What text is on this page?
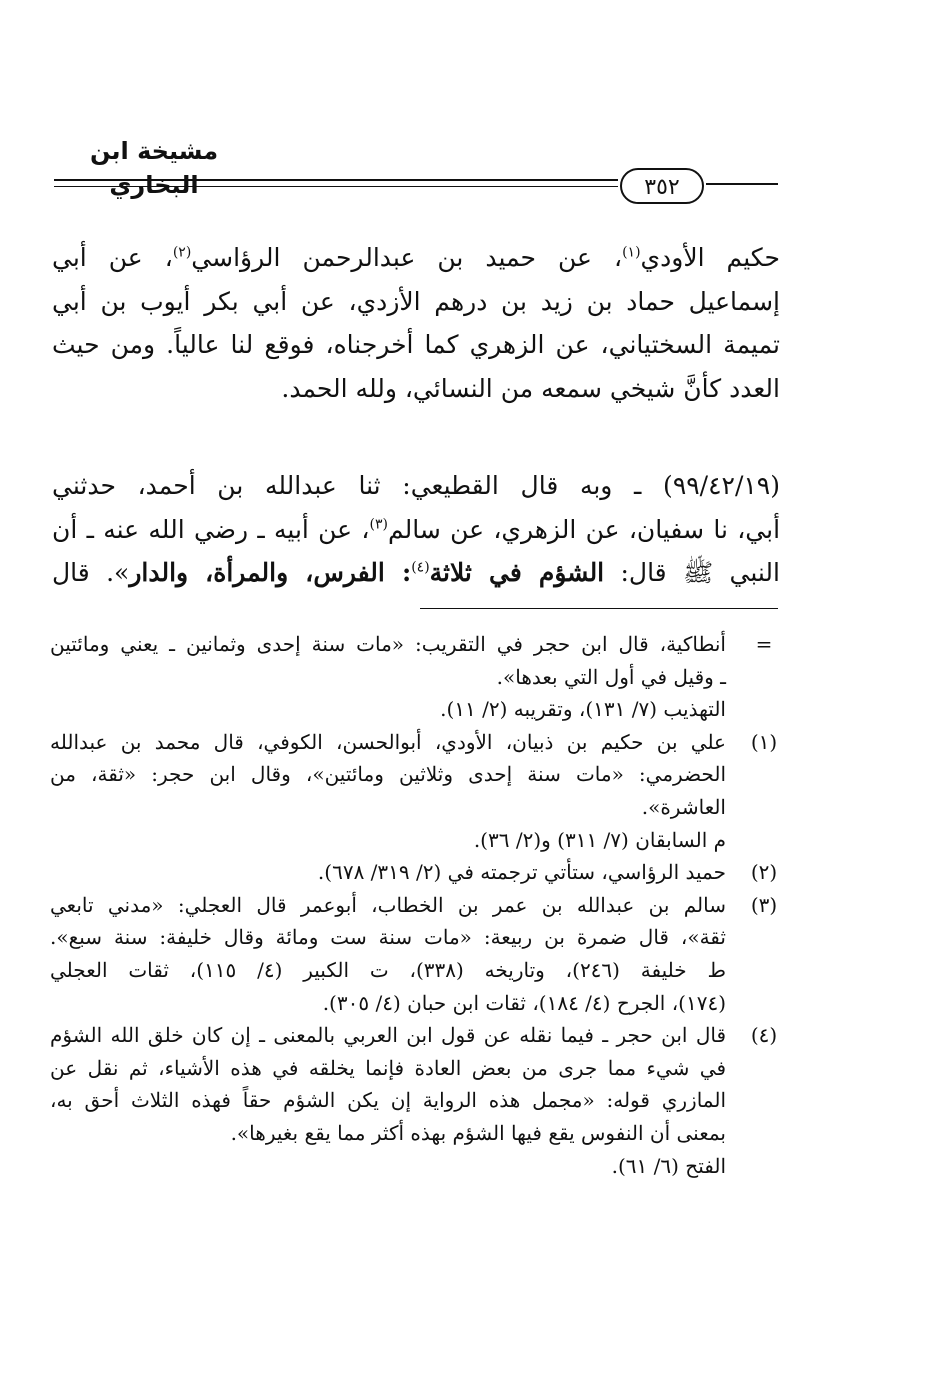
مشيخة ابن البخاري	٣٥٢
حكيم الأودي$^{(١)}$، عن حميد بن عبدالرحمن الرؤاسي$^{(٢)}$، عن أبي
إسماعيل حماد بن زيد بن درهم الأزدي، عن أبي بكر أيوب بن أبي
تميمة السختياني، عن الزهري كما أخرجناه، فوقع لنا عالياً. ومن حيث
العدد كأنَّ شيخي سمعه من النسائي، ولله الحمد.
(٩٩/٤٢/١٩) ـ وبه قال القطيعي: ثنا عبدالله بن أحمد، حدثني
أبي، نا سفيان، عن الزهري، عن سالم$^{(٣)}$، عن أبيه ـ رضي الله عنه ـ أن
النبي ﷺ قال: الشؤم في ثلاثة$^{(٤)}$: الفرس، والمرأة، والدار». قال
=
أنطاكية، قال ابن حجر في التقريب: «مات سنة إحدى وثمانين ـ يعني ومائتين
ـ وقيل في أول التي بعدها».
التهذيب (٧/ ١٣١)، وتقريبه (٢/ ١١).
(١)
علي بن حكيم بن ذبيان، الأودي، أبوالحسن، الكوفي، قال محمد بن عبدالله
الحضرمي: «مات سنة إحدى وثلاثين ومائتين»، وقال ابن حجر: «ثقة، من
العاشرة».
م السابقان (٧/ ٣١١) و(٢/ ٣٦).
(٢)
حميد الرؤاسي، ستأتي ترجمته في (٢/ ٣١٩/ ٦٧٨).
(٣)
سالم بن عبدالله بن عمر بن الخطاب، أبوعمر قال العجلي: «مدني تابعي
ثقة»، قال ضمرة بن ربيعة: «مات سنة ست ومائة وقال خليفة: سنة سبع».
ط خليفة (٢٤٦)، وتاريخه (٣٣٨)، ت الكبير (٤/ ١١٥)، ثقات العجلي
(١٧٤)، الجرح (٤/ ١٨٤)، ثقات ابن حبان (٤/ ٣٠٥).
(٤)
قال ابن حجر ـ فيما نقله عن قول ابن العربي بالمعنى ـ إن كان خلق الله الشؤم
في شيء مما جرى من بعض العادة فإنما يخلقه في هذه الأشياء، ثم نقل عن
المازري قوله: «مجمل هذه الرواية إن يكن الشؤم حقاً فهذه الثلاث أحق به،
بمعنى أن النفوس يقع فيها الشؤم بهذه أكثر مما يقع بغيرها».
الفتح (٦/ ٦١).
